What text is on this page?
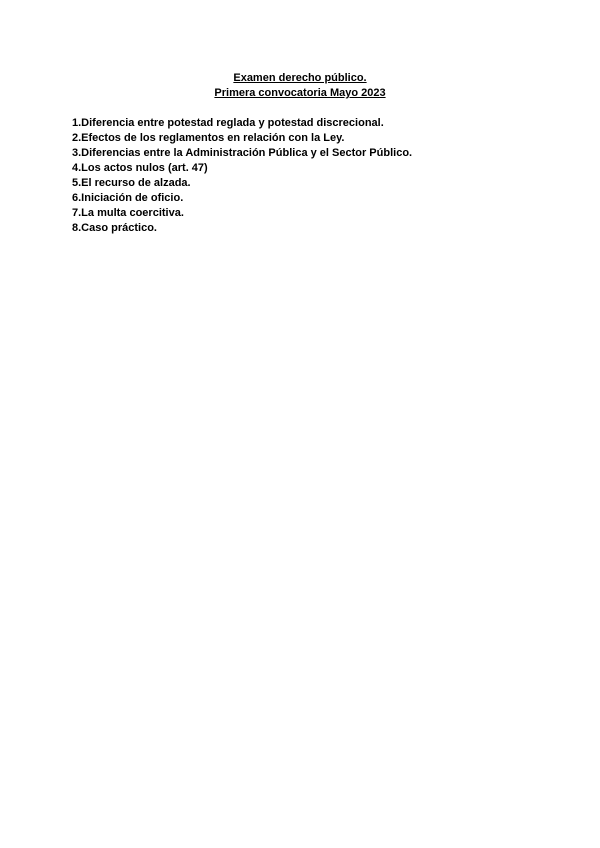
Examen derecho público.
Primera convocatoria Mayo 2023
1.Diferencia entre potestad reglada y potestad discrecional.
2.Efectos de los reglamentos en relación con la Ley.
3.Diferencias entre la Administración Pública y el Sector Público.
4.Los actos nulos (art. 47)
5.El recurso de alzada.
6.Iniciación de oficio.
7.La multa coercitiva.
8.Caso práctico.
